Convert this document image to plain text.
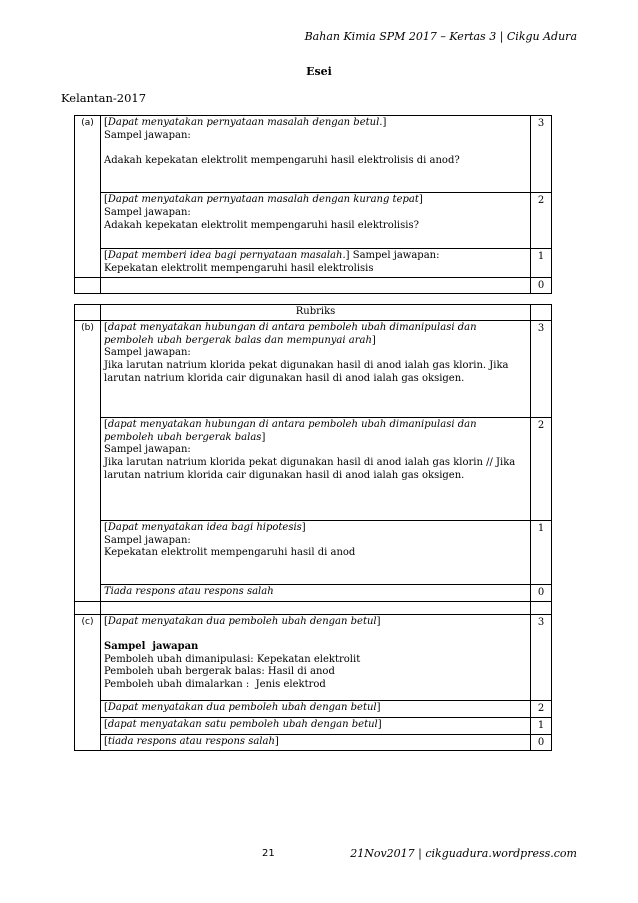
Bahan Kimia SPM 2017 – Kertas 3 | Cikgu Adura
Esei
Kelantan-2017
(a)	[Dapat menyatakan pernyataan masalah dengan betul.]
Sampel jawapan:
Adakah kepekatan elektrolit mempengaruhi hasil elektrolisis di anod?	3
	[Dapat menyatakan pernyataan masalah dengan kurang tepat]
Sampel jawapan:
Adakah kepekatan elektrolit mempengaruhi hasil elektrolisis?	2
	[Dapat memberi idea bagi pernyataan masalah.] Sampel jawapan:
Kepekatan elektrolit mempengaruhi hasil elektrolisis	1
		0
	Rubriks	
(b)	[dapat menyatakan hubungan di antara pemboleh ubah dimanipulasi dan pemboleh ubah bergerak balas dan mempunyai arah]
Sampel jawapan:
Jika larutan natrium klorida pekat digunakan hasil di anod ialah gas klorin. Jika larutan natrium klorida cair digunakan hasil di anod ialah gas oksigen.	3
	[dapat menyatakan hubungan di antara pemboleh ubah dimanipulasi dan pemboleh ubah bergerak balas]
Sampel jawapan:
Jika larutan natrium klorida pekat digunakan hasil di anod ialah gas klorin // Jika larutan natrium klorida cair digunakan hasil di anod ialah gas oksigen.	2
	[Dapat menyatakan idea bagi hipotesis]
Sampel jawapan:
Kepekatan elektrolit mempengaruhi hasil di anod	1
	Tiada respons atau respons salah	0

(c)	[Dapat menyatakan dua pemboleh ubah dengan betul]
Sampel  jawapan
Pemboleh ubah dimanipulasi: Kepekatan elektrolit
Pemboleh ubah bergerak balas: Hasil di anod
Pemboleh ubah dimalarkan :  Jenis elektrod	3
	[Dapat menyatakan dua pemboleh ubah dengan betul]	2
	[dapat menyatakan satu pemboleh ubah dengan betul]	1
	[tiada respons atau respons salah]	0
21	21Nov2017 | cikguadura.wordpress.com
